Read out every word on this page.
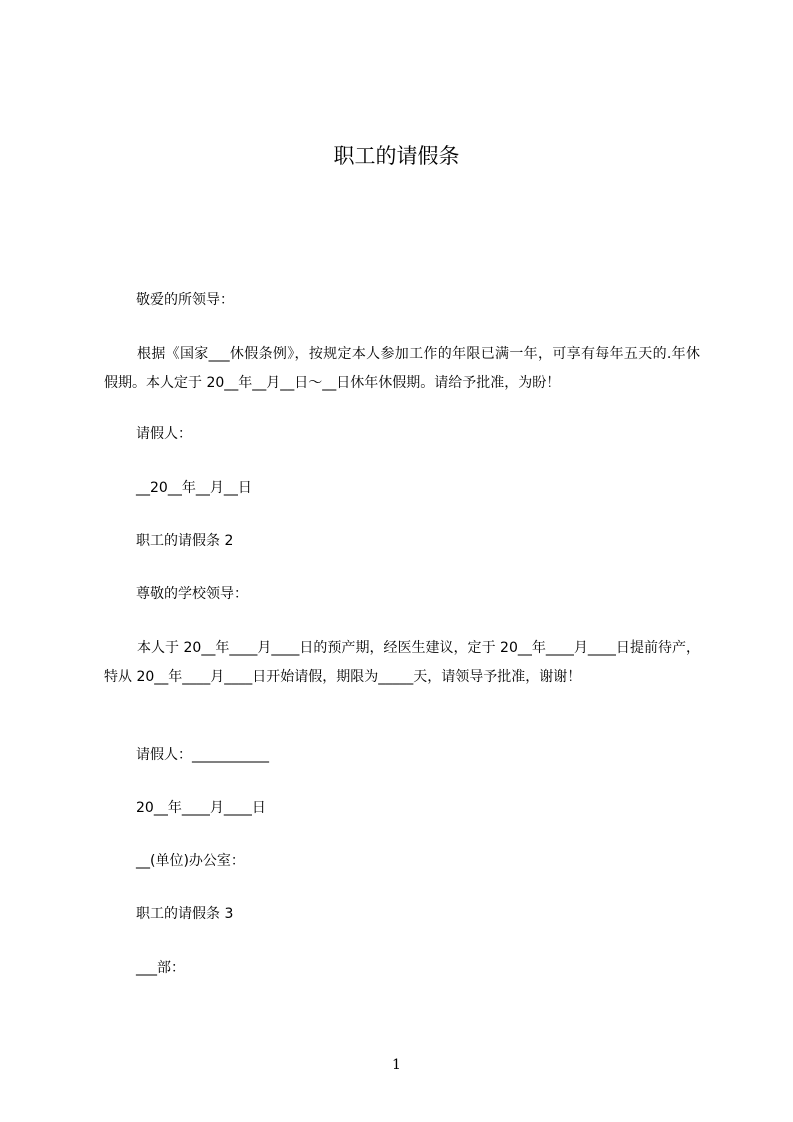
职工的请假条
敬爱的所领导：
根据《国家___休假条例》，按规定本人参加工作的年限已满一年，可享有每年五天的.年休假期。本人定于 20__年__月__日～__日休年休假期。请给予批准，为盼！
请假人：
__20__年__月__日
职工的请假条 2
尊敬的学校领导：
本人于 20__年____月____日的预产期，经医生建议，定于 20__年____月____日提前待产，特从 20__年____月____日开始请假，期限为_____天，请领导予批准，谢谢！
请假人：___________
20__年____月____日
__(单位)办公室：
职工的请假条 3
___部：
1
